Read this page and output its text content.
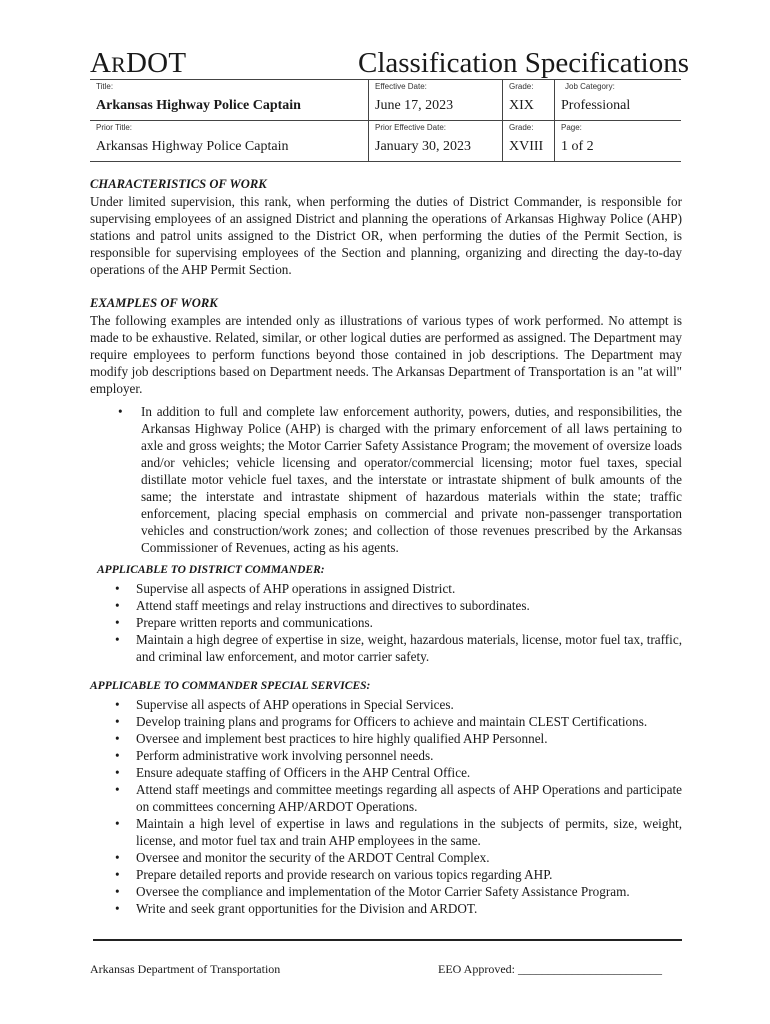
ARDOT	Classification Specifications
Title:
Arkansas Highway Police Captain
Effective Date:
June 17, 2023
Grade:
XIX
Job Category:
Professional
Prior Title:
Arkansas Highway Police Captain
Prior Effective Date:
January 30, 2023
Grade:
XVIII
Page:
1 of 2
CHARACTERISTICS OF WORK

Under limited supervision, this rank, when performing the duties of District Commander, is responsible for supervising employees of an assigned District and planning the operations of Arkansas Highway Police (AHP) stations and patrol units assigned to the District OR, when performing the duties of the Permit Section, is responsible for supervising employees of the Section and planning, organizing and directing the day-to-day operations of the AHP Permit Section.

EXAMPLES OF WORK

The following examples are intended only as illustrations of various types of work performed. No attempt is made to be exhaustive. Related, similar, or other logical duties are performed as assigned. The Department may require employees to perform functions beyond those contained in job descriptions. The Department may modify job descriptions based on Department needs. The Arkansas Department of Transportation is an "at will" employer.

• In addition to full and complete law enforcement authority, powers, duties, and responsibilities, the Arkansas Highway Police (AHP) is charged with the primary enforcement of all laws pertaining to axle and gross weights; the Motor Carrier Safety Assistance Program; the movement of oversize loads and/or vehicles; vehicle licensing and operator/commercial licensing; motor fuel taxes, special distillate motor vehicle fuel taxes, and the interstate or intrastate shipment of bulk amounts of the same; the interstate and intrastate shipment of hazardous materials within the state; traffic enforcement, placing special emphasis on commercial and private non-passenger transportation vehicles and construction/work zones; and collection of those revenues prescribed by the Arkansas Commissioner of Revenues, acting as his agents.
APPLICABLE TO DISTRICT COMMANDER:
• Supervise all aspects of AHP operations in assigned District.
• Attend staff meetings and relay instructions and directives to subordinates.
• Prepare written reports and communications.
• Maintain a high degree of expertise in size, weight, hazardous materials, license, motor fuel tax, traffic, and criminal law enforcement, and motor carrier safety.
APPLICABLE TO COMMANDER SPECIAL SERVICES:
• Supervise all aspects of AHP operations in Special Services.
• Develop training plans and programs for Officers to achieve and maintain CLEST Certifications.
• Oversee and implement best practices to hire highly qualified AHP Personnel.
• Perform administrative work involving personnel needs.
• Ensure adequate staffing of Officers in the AHP Central Office.
• Attend staff meetings and committee meetings regarding all aspects of AHP Operations and participate on committees concerning AHP/ARDOT Operations.
• Maintain a high level of expertise in laws and regulations in the subjects of permits, size, weight, license, and motor fuel tax and train AHP employees in the same.
• Oversee and monitor the security of the ARDOT Central Complex.
• Prepare detailed reports and provide research on various topics regarding AHP.
• Oversee the compliance and implementation of the Motor Carrier Safety Assistance Program.
• Write and seek grant opportunities for the Division and ARDOT.
Arkansas Department of Transportation	EEO Approved: ________________________
